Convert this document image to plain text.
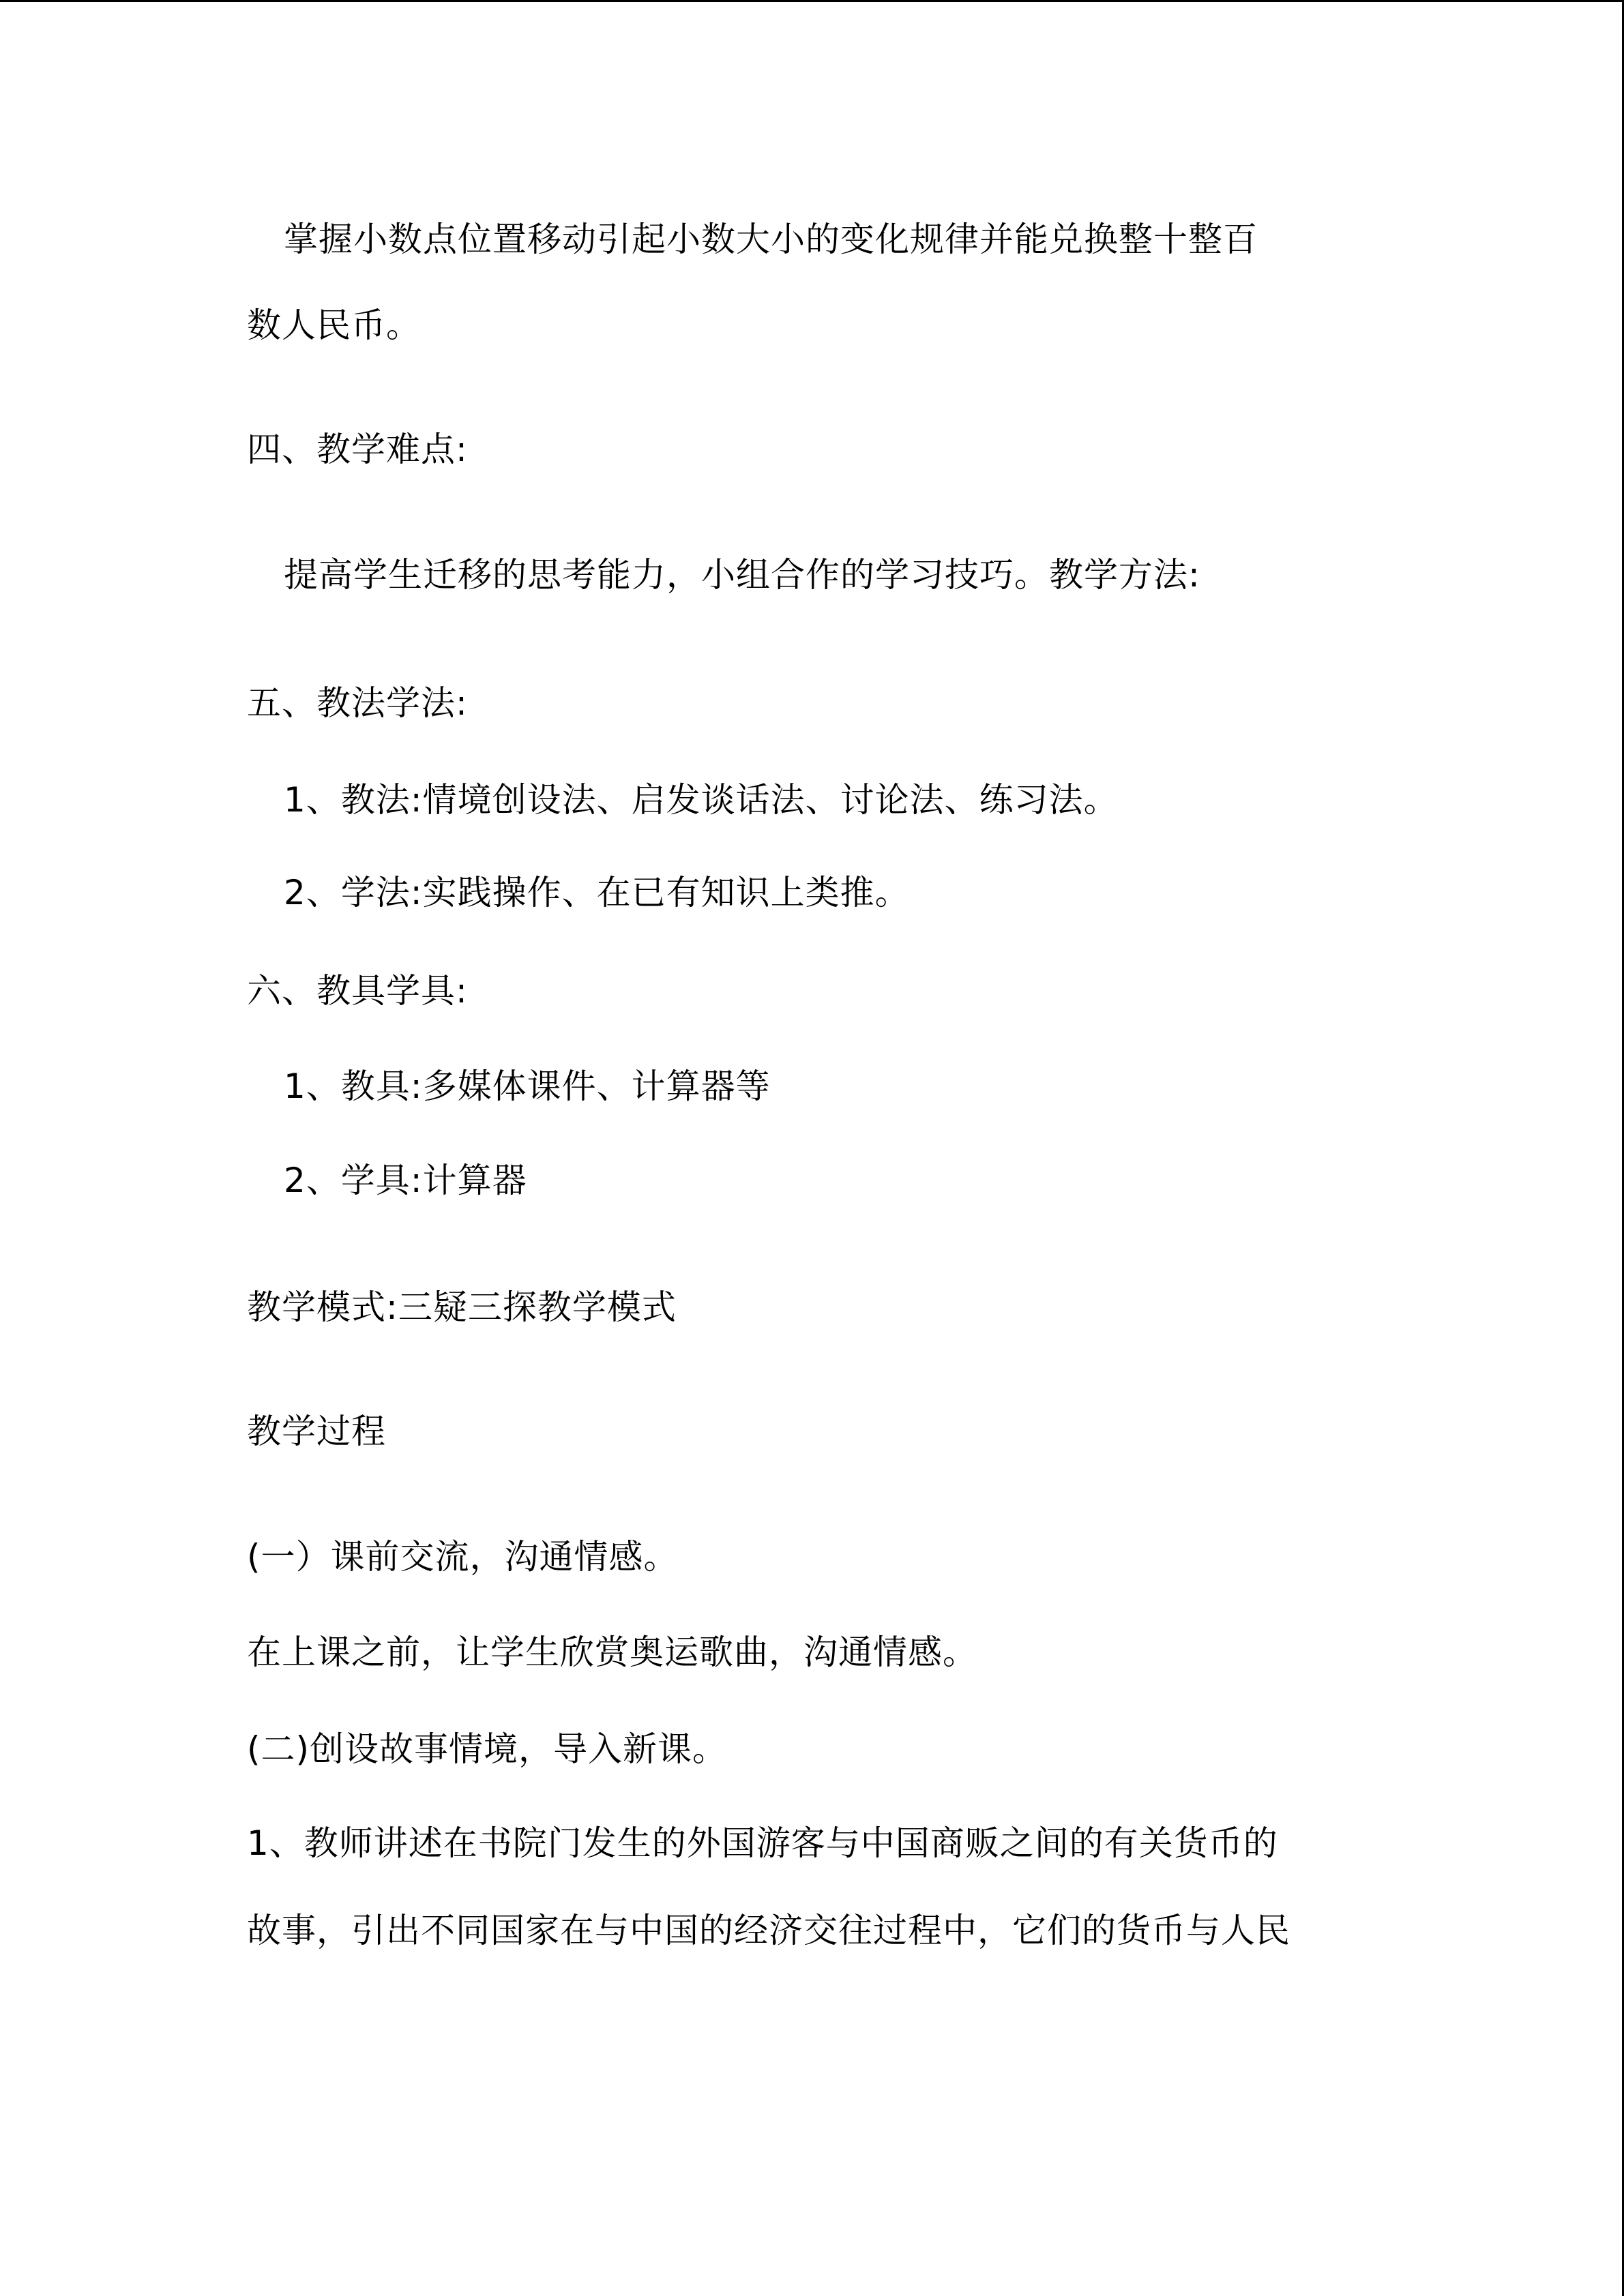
掌握小数点位置移动引起小数大小的变化规律并能兑换整十整百
数人民币。
四、教学难点:
提高学生迁移的思考能力，小组合作的学习技巧。教学方法:
五、教法学法:
1、教法:情境创设法、启发谈话法、讨论法、练习法。
2、学法:实践操作、在已有知识上类推。
六、教具学具:
1、教具:多媒体课件、计算器等
2、学具:计算器
教学模式:三疑三探教学模式
教学过程
(一）课前交流，沟通情感。
在上课之前，让学生欣赏奥运歌曲，沟通情感。
(二)创设故事情境，导入新课。
1、教师讲述在书院门发生的外国游客与中国商贩之间的有关货币的
故事，引出不同国家在与中国的经济交往过程中，它们的货币与人民
